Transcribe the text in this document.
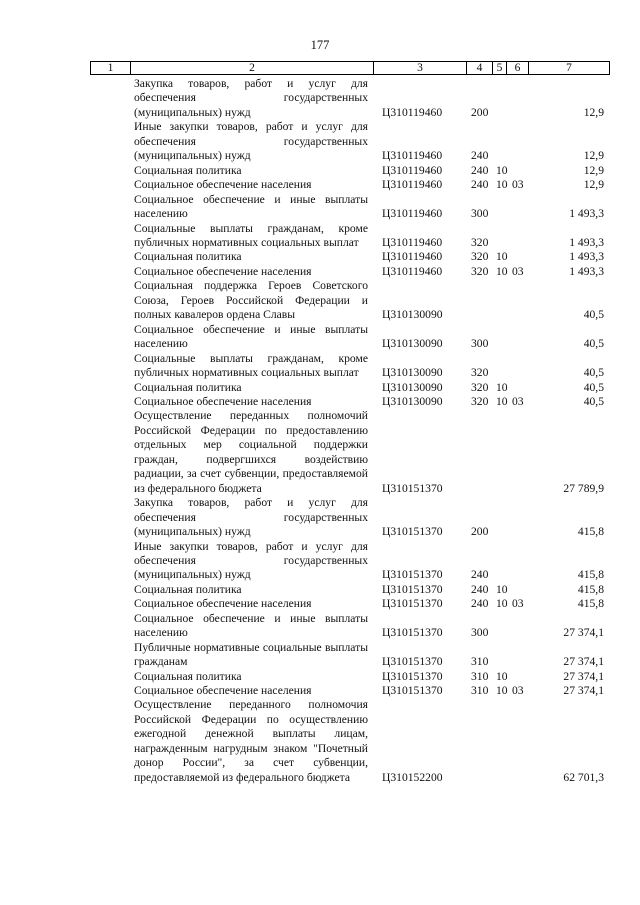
177
1	2	3	4	5	6	7
Закупка товаров, работ и услуг для обеспечения государственных (муниципальных) нужд	Ц310119460 200	12,9
Иные закупки товаров, работ и услуг для обеспечения государственных (муниципальных) нужд	Ц310119460 240	12,9
Социальная политика	Ц310119460 240 10	12,9
Социальное обеспечение населения	Ц310119460 240 10 03	12,9
Социальное обеспечение и иные выплаты населению	Ц310119460 300	1 493,3
Социальные выплаты гражданам, кроме публичных нормативных социальных выплат	Ц310119460 320	1 493,3
Социальная политика	Ц310119460 320 10	1 493,3
Социальное обеспечение населения	Ц310119460 320 10 03	1 493,3
Социальная поддержка Героев Советского Союза, Героев Российской Федерации и полных кавалеров ордена Славы	Ц310130090	40,5
Социальное обеспечение и иные выплаты населению	Ц310130090 300	40,5
Социальные выплаты гражданам, кроме публичных нормативных социальных выплат	Ц310130090 320	40,5
Социальная политика	Ц310130090 320 10	40,5
Социальное обеспечение населения	Ц310130090 320 10 03	40,5
Осуществление переданных полномочий Российской Федерации по предоставлению отдельных мер социальной поддержки граждан, подвергшихся воздействию радиации, за счет субвенции, предоставляемой из федерального бюджета	Ц310151370	27 789,9
Закупка товаров, работ и услуг для обеспечения государственных (муниципальных) нужд	Ц310151370 200	415,8
Иные закупки товаров, работ и услуг для обеспечения государственных (муниципальных) нужд	Ц310151370 240	415,8
Социальная политика	Ц310151370 240 10	415,8
Социальное обеспечение населения	Ц310151370 240 10 03	415,8
Социальное обеспечение и иные выплаты населению	Ц310151370 300	27 374,1
Публичные нормативные социальные выплаты гражданам	Ц310151370 310	27 374,1
Социальная политика	Ц310151370 310 10	27 374,1
Социальное обеспечение населения	Ц310151370 310 10 03	27 374,1
Осуществление переданного полномочия Российской Федерации по осуществлению ежегодной денежной выплаты лицам, награжденным нагрудным знаком "Почетный донор России", за счет субвенции, предоставляемой из федерального бюджета	Ц310152200	62 701,3
